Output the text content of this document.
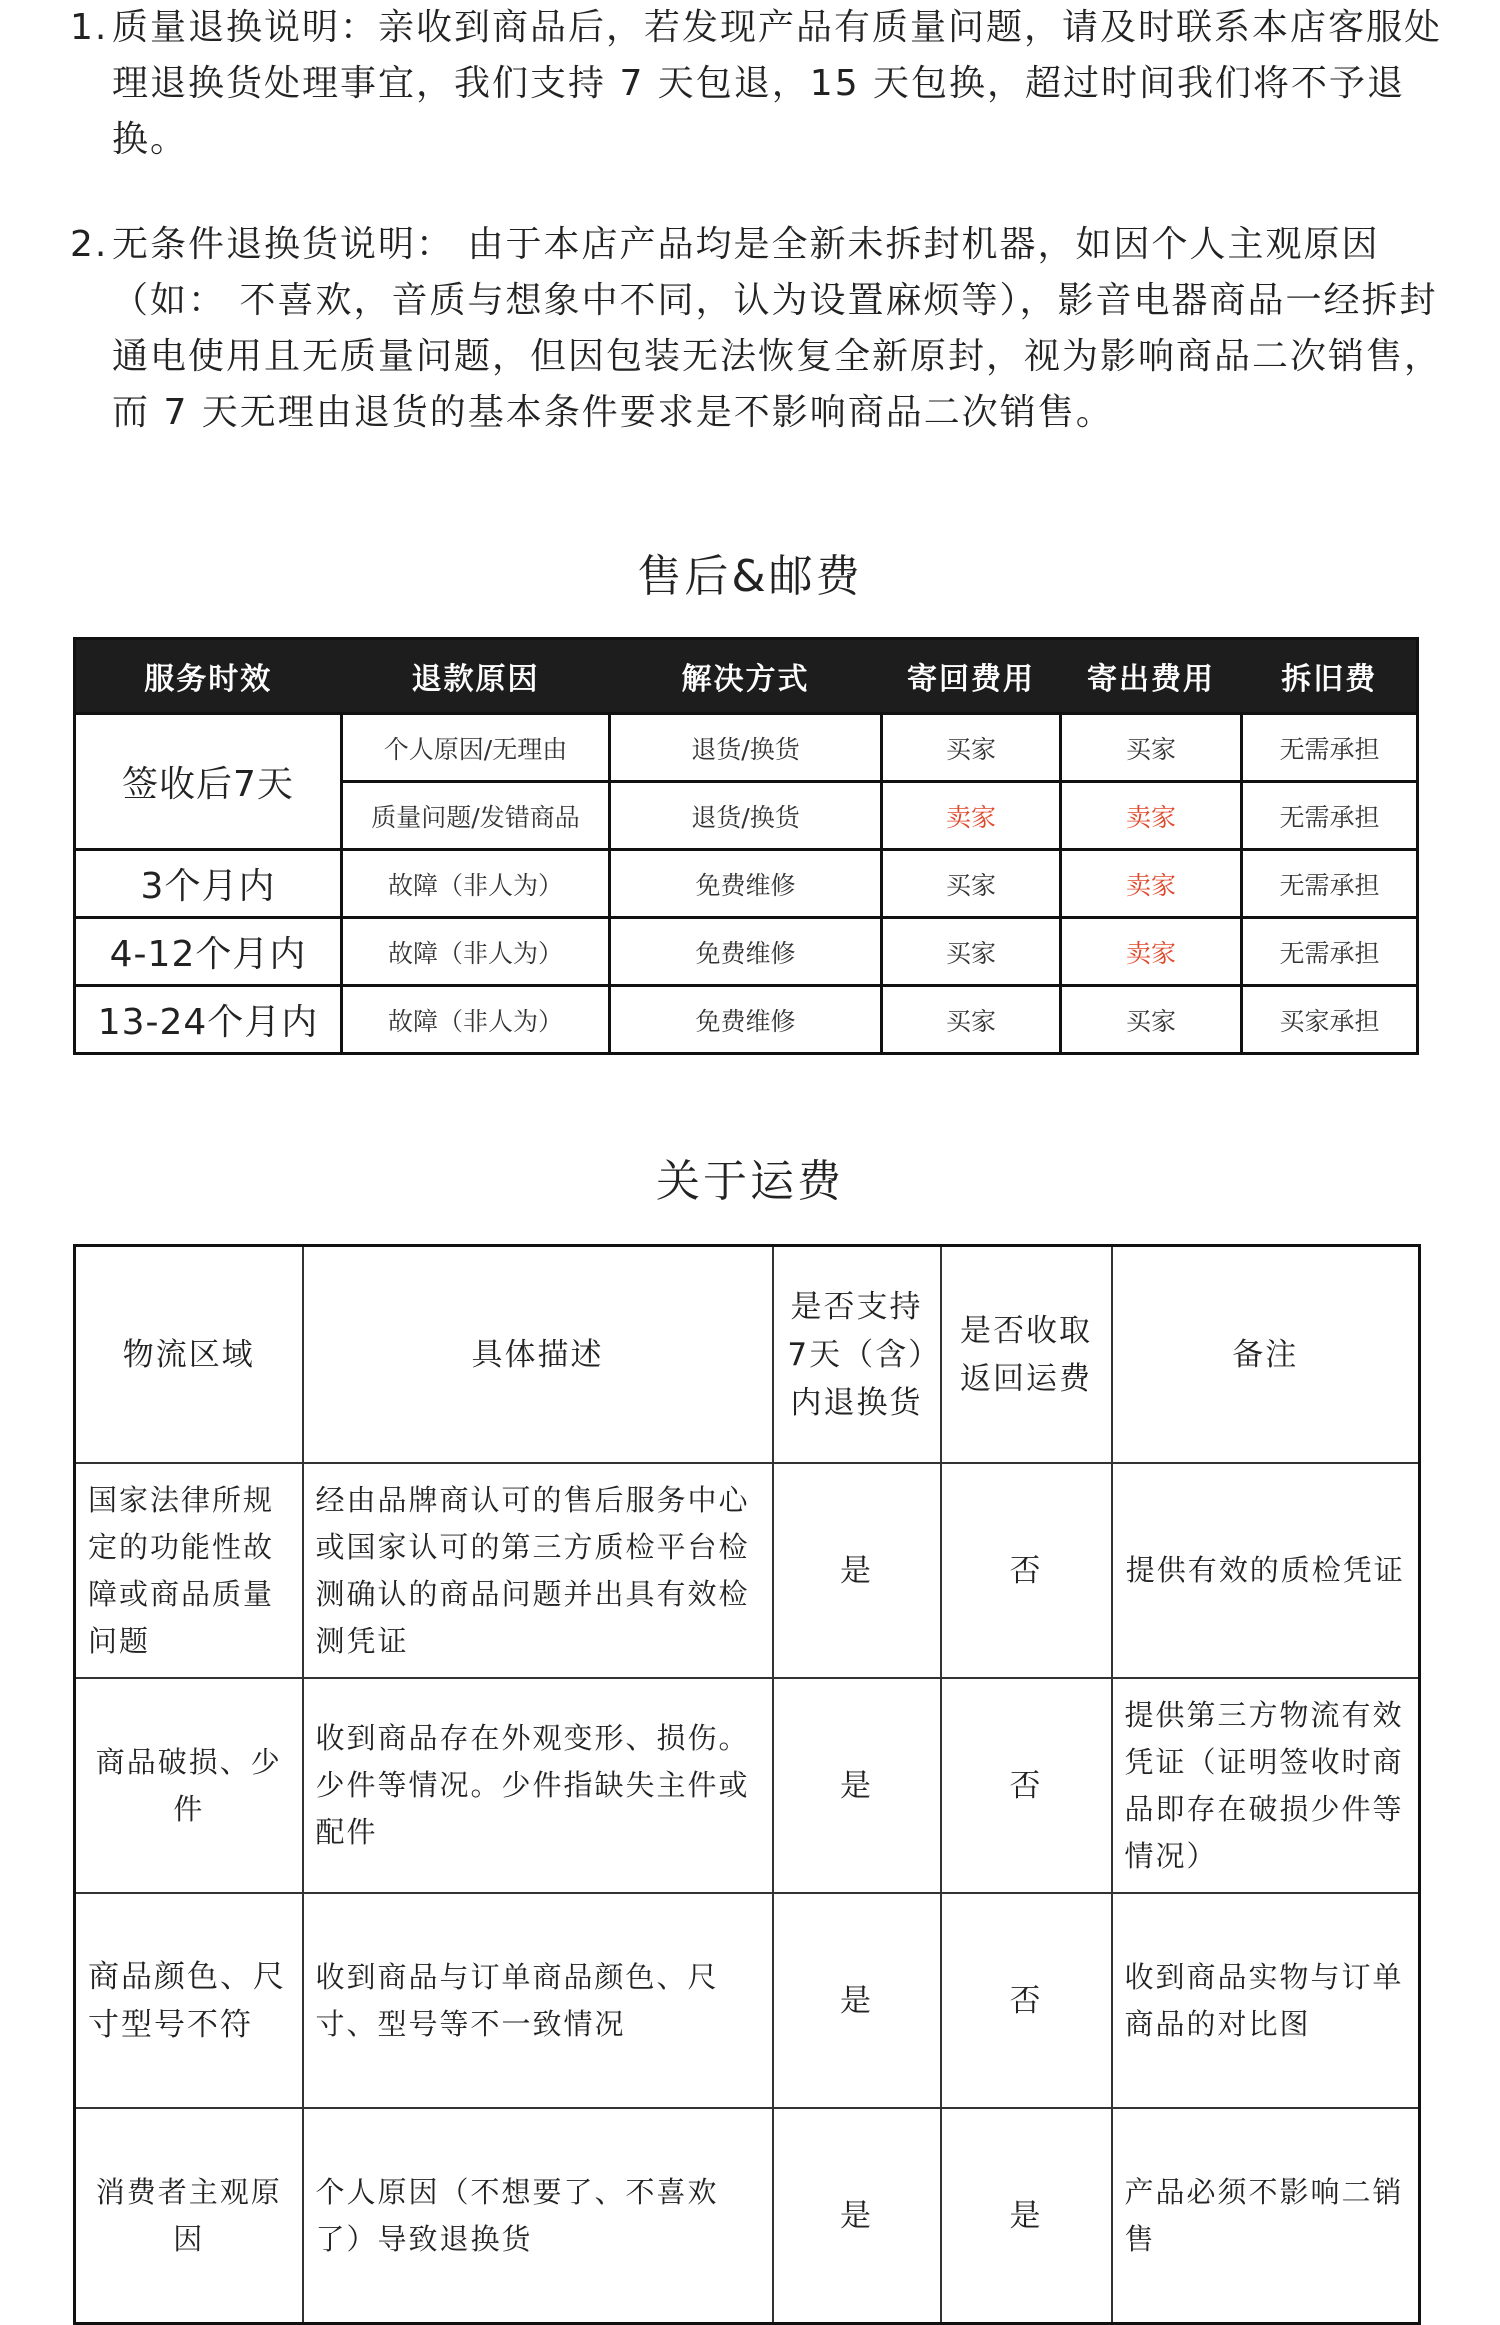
1. 质量退换说明：亲收到商品后，若发现产品有质量问题，请及时联系本店客服处理退换货处理事宜，我们支持 7 天包退，15 天包换，超过时间我们将不予退换。
2. 无条件退换货说明： 由于本店产品均是全新未拆封机器，如因个人主观原因（如： 不喜欢，音质与想象中不同，认为设置麻烦等），影音电器商品一经拆封通电使用且无质量问题，但因包装无法恢复全新原封，视为影响商品二次销售，而 7 天无理由退货的基本条件要求是不影响商品二次销售。
售后&邮费
服务时效	退款原因	解决方式	寄回费用	寄出费用	拆旧费
签收后7天	个人原因/无理由	退货/换货	买家	买家	无需承担
	质量问题/发错商品	退货/换货	卖家	卖家	无需承担
3个月内	故障（非人为）	免费维修	买家	卖家	无需承担
4-12个月内	故障（非人为）	免费维修	买家	卖家	无需承担
13-24个月内	故障（非人为）	免费维修	买家	买家	买家承担
关于运费
物流区域	具体描述	是否支持7天（含）内退换货	是否收取返回运费	备注
国家法律所规定的功能性故障或商品质量问题	经由品牌商认可的售后服务中心或国家认可的第三方质检平台检测确认的商品问题并出具有效检测凭证	是	否	提供有效的质检凭证
商品破损、少件	收到商品存在外观变形、损伤。少件等情况。少件指缺失主件或配件	是	否	提供第三方物流有效凭证（证明签收时商品即存在破损少件等情况）
商品颜色、尺寸型号不符	收到商品与订单商品颜色、尺寸、型号等不一致情况	是	否	收到商品实物与订单商品的对比图
消费者主观原因	个人原因（不想要了、不喜欢了）导致退换货	是	是	产品必须不影响二销售
